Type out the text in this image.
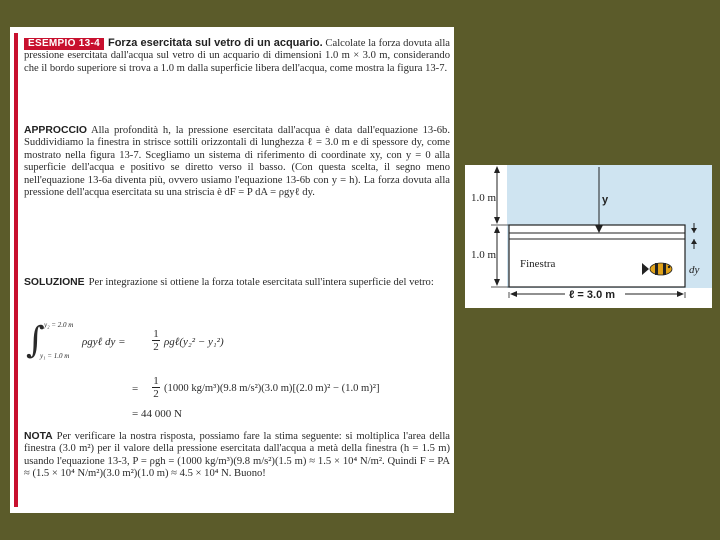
ESEMPIO 13-4 Forza esercitata sul vetro di un acquario. Calcolate la forza dovuta alla pressione esercitata dall'acqua sul vetro di un acquario di dimensioni 1.0 m × 3.0 m, considerando che il bordo superiore si trova a 1.0 m dalla superficie libera dell'acqua, come mostra la figura 13-7.
APPROCCIO Alla profondità h, la pressione esercitata dall'acqua è data dall'equazione 13-6b. Suddividiamo la finestra in strisce sottili orizzontali di lunghezza ℓ = 3.0 m e di spessore dy, come mostrato nella figura 13-7. Scegliamo un sistema di riferimento di coordinate xy, con y = 0 alla superficie dell'acqua e positivo se diretto verso il basso. (Con questa scelta, il segno meno nell'equazione 13-6a diventa più, ovvero usiamo l'equazione 13-6b con y = h). La forza dovuta alla pressione dell'acqua esercitata su una striscia è dF = P dA = ρgyℓ dy.
SOLUZIONE Per integrazione si ottiene la forza totale esercitata sull'intera superficie del vetro:
∫ y₂ = 2.0 m
y₁ = 1.0 m
ρgyℓ dy = $\frac{1}{2}$ ρgℓ(y₂² − y₁²)
= $\frac{1}{2} (1000$ kg/m³)(9.8 m/s²)(3.0 m)[(2.0 m)² − (1.0 m)²]
= 44 000 N
NOTA Per verificare la nostra risposta, possiamo fare la stima seguente: si moltiplica l'area della finestra (3.0 m²) per il valore della pressione esercitata dall'acqua a metà della finestra (h = 1.5 m) usando l'equazione 13-3, P = ρgh = (1000 kg/m³)(9.8 m/s²)(1.5 m) ≈ 1.5 × 10⁴ N/m². Quindi F = PA ≈ (1.5 × 10⁴ N/m²)(3.0 m²)(1.0 m) ≈ 4.5 × 10⁴ N. Buono!
1.0 m
1.0 m
y
dy
Finestra
ℓ = 3.0 m
